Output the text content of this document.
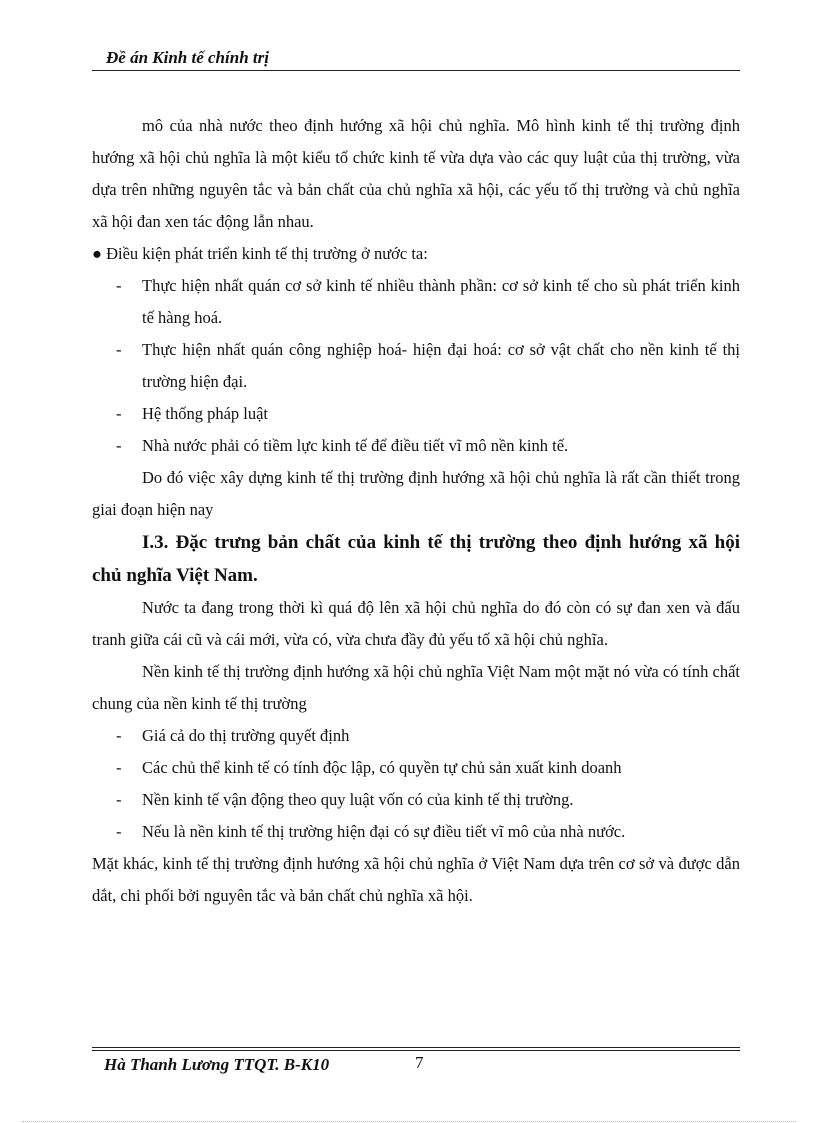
Đề án Kinh tế chính trị

mô của nhà nước theo định hướng xã hội chủ nghĩa. Mô hình kinh tế thị trường định hướng xã hội chủ nghĩa là một kiểu tổ chức kinh tế vừa dựa vào các quy luật của thị trường, vừa dựa trên những nguyên tắc và bản chất của chủ nghĩa xã hội, các yếu tố thị trường và chủ nghĩa xã hội đan xen tác động lẫn nhau.

● Điều kiện phát triển kinh tế thị trường ở nước ta:

- Thực hiện nhất quán cơ sở kinh tế nhiều thành phần: cơ sở kinh tế cho sù phát triển kinh tế hàng hoá.
- Thực hiện nhất quán công nghiệp hoá- hiện đại hoá: cơ sở vật chất cho nền kinh tế thị trường hiện đại.
- Hệ thống pháp luật
- Nhà nước phải có tiềm lực kinh tế để điều tiết vĩ mô nền kinh tế.

Do đó việc xây dựng kinh tế thị trường định hướng xã hội chủ nghĩa là rất cần thiết trong giai đoạn hiện nay

I.3. Đặc trưng bản chất của kinh tế thị trường theo định hướng xã hội chủ nghĩa Việt Nam.

Nước ta đang trong thời kì quá độ lên xã hội chủ nghĩa do đó còn có sự đan xen và đấu tranh giữa cái cũ và cái mới, vừa có, vừa chưa đầy đủ yếu tố xã hội chủ nghĩa.

Nền kinh tế thị trường định hướng xã hội chủ nghĩa Việt Nam một mặt nó vừa có tính chất chung của nền kinh tế thị trường

- Giá cả do thị trường quyết định
- Các chủ thể kinh tế có tính độc lập, có quyền tự chủ sản xuất kinh doanh
- Nền kinh tế vận động theo quy luật vốn có của kinh tế thị trường.
- Nếu là nền kinh tế thị trường hiện đại có sự điều tiết vĩ mô của nhà nước.

Mặt khác, kinh tế thị trường định hướng xã hội chủ nghĩa ở Việt Nam dựa trên cơ sở và được dẫn dắt, chi phối bởi nguyên tắc và bản chất chủ nghĩa xã hội.

Hà Thanh Lương TTQT. B-K10	7
